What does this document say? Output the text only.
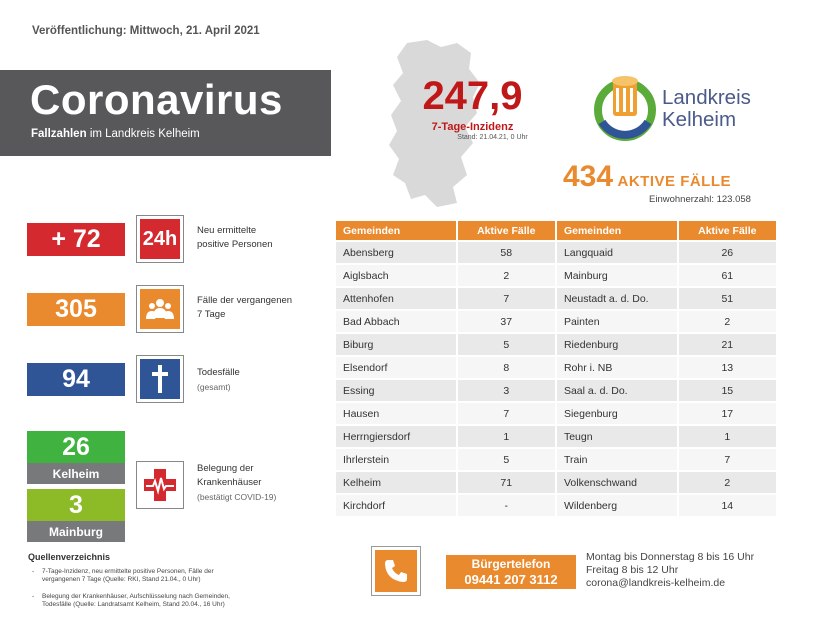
Veröffentlichung: Mittwoch, 21. April 2021
Coronavirus
Fallzahlen im Landkreis Kelheim
247,9
7-Tage-Inzidenz
Stand: 21.04.21, 0 Uhr
Landkreis
Kelheim
434 AKTIVE FÄLLE
Einwohnerzahl: 123.058
+ 72	24h Neu ermittelte
positive Personen
305	Fälle der vergangenen
7 Tage
94	Todesfälle
(gesamt)
26
Kelheim
3
Mainburg
Belegung der
Krankenhäuser
(bestätigt COVID-19)
Gemeinden	Aktive Fälle	Gemeinden	Aktive Fälle
Abensberg	58	Langquaid	26
Aiglsbach	2	Mainburg	61
Attenhofen	7	Neustadt a. d. Do.	51
Bad Abbach	37	Painten	2
Biburg	5	Riedenburg	21
Elsendorf	8	Rohr i. NB	13
Essing	3	Saal a. d. Do.	15
Hausen	7	Siegenburg	17
Herrngiersdorf	1	Teugn	1
Ihrlerstein	5	Train	7
Kelheim	71	Volkenschwand	2
Kirchdorf	-	Wildenberg	14
Quellenverzeichnis
- 7-Tage-Inzidenz, neu ermittelte positive Personen, Fälle der vergangenen 7 Tage (Quelle: RKI, Stand 21.04., 0 Uhr)
- Belegung der Krankenhäuser, Aufschlüsselung nach Gemeinden, Todesfälle (Quelle: Landratsamt Kelheim, Stand 20.04., 16 Uhr)
Bürgertelefon
09441 207 3112
Montag bis Donnerstag 8 bis 16 Uhr
Freitag 8 bis 12 Uhr
corona@landkreis-kelheim.de
